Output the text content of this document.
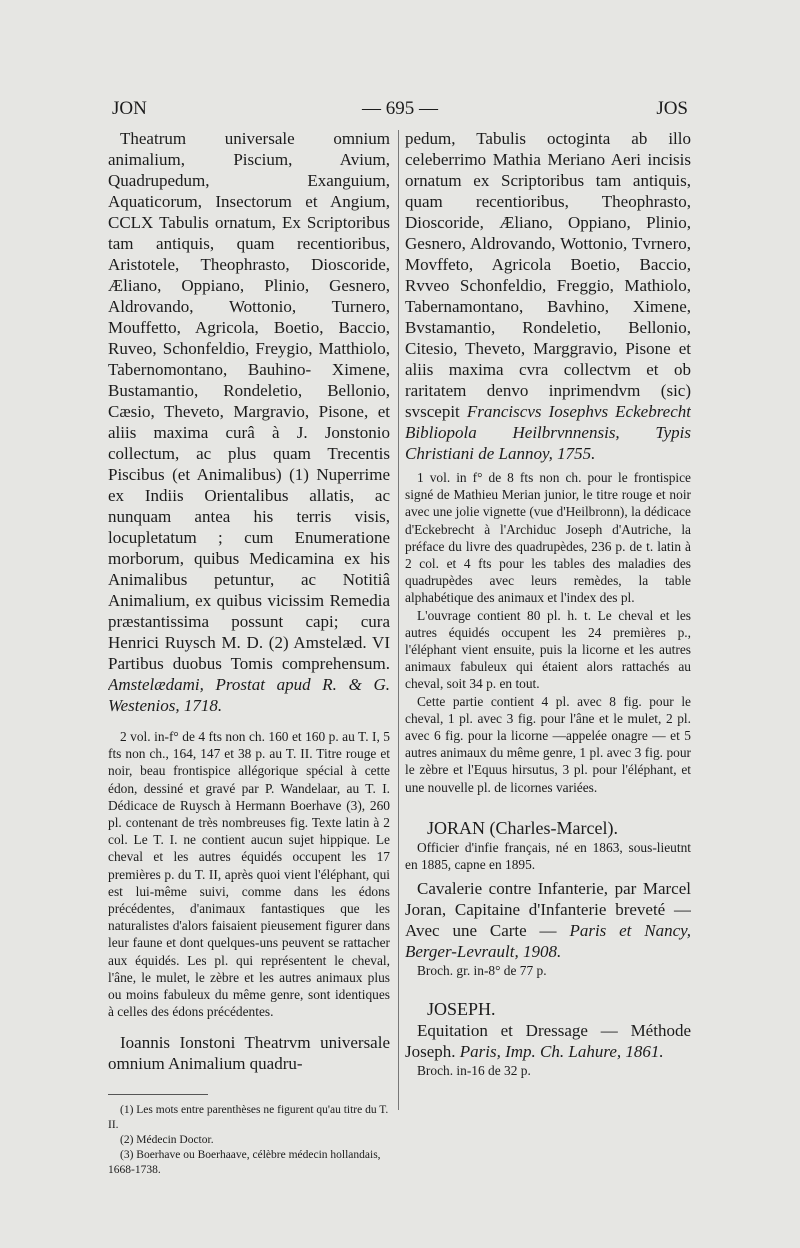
JON	— 695 —	JOS

Theatrum universale omnium animalium, Piscium, Avium, Quadrupedum, Exanguium, Aquaticorum, Insectorum et Angium, CCLX Tabulis ornatum, Ex Scriptoribus tam antiquis, quam recentioribus, Aristotele, Theophrasto, Dioscoride, Æliano, Oppiano, Plinio, Gesnero, Aldrovando, Wottonio, Turnero, Mouffetto, Agricola, Boetio, Baccio, Ruveo, Schonfeldio, Freygio, Matthiolo, Tabernomontano, Bauhino- Ximene, Bustamantio, Rondeletio, Bellonio, Cæsio, Theveto, Margravio, Pisone, et aliis maxima curâ à J. Jonstonio collectum, ac plus quam Trecentis Piscibus (et Animalibus) (1) Nuperrime ex Indiis Orientalibus allatis, ac nunquam antea his terris visis, locupletatum ; cum Enumeratione morborum, quibus Medicamina ex his Animalibus petuntur, ac Notitiâ Animalium, ex quibus vicissim Remedia præstantissima possunt capi; cura Henrici Ruysch M. D. (2) Amstelæd. VI Partibus duobus Tomis comprehensum. Amstelædami, Prostat apud R. & G. Westenios, 1718.

2 vol. in-f° de 4 fts non ch. 160 et 160 p. au T. I, 5 fts non ch., 164, 147 et 38 p. au T. II. Titre rouge et noir, beau frontispice allégorique spécial à cette édon, dessiné et gravé par P. Wandelaar, au T. I. Dédicace de Ruysch à Hermann Boerhave (3), 260 pl. contenant de très nombreuses fig. Texte latin à 2 col. Le T. I. ne contient aucun sujet hippique. Le cheval et les autres équidés occupent les 17 premières p. du T. II, après quoi vient l'éléphant, qui est lui-même suivi, comme dans les édons précédentes, d'animaux fantastiques que les naturalistes d'alors faisaient pieusement figurer dans leur faune et dont quelques-uns peuvent se rattacher aux équidés. Les pl. qui représentent le cheval, l'âne, le mulet, le zèbre et les autres animaux plus ou moins fabuleux du même genre, sont identiques à celles des édons précédentes.

Ioannis Ionstoni Theatrvm universale omnium Animalium quadru-

(1) Les mots entre parenthèses ne figurent qu'au titre du T. II.

(2) Médecin Doctor.

(3) Boerhave ou Boerhaave, célèbre médecin hollandais, 1668-1738.

pedum, Tabulis octoginta ab illo celeberrimo Mathia Meriano Aeri incisis ornatum ex Scriptoribus tam antiquis, quam recentioribus, Theophrasto, Dioscoride, Æliano, Oppiano, Plinio, Gesnero, Aldrovando, Wottonio, Tvrnero, Movffeto, Agricola Boetio, Baccio, Rvveo Schonfeldio, Freggio, Mathiolo, Tabernamontano, Bavhino, Ximene, Bvstamantio, Rondeletio, Bellonio, Citesio, Theveto, Marggravio, Pisone et aliis maxima cvra collectvm et ob raritatem denvo inprimendvm (sic) svscepit Franciscvs Iosephvs Eckebrecht Bibliopola Heilbrvnnensis, Typis Christiani de Lannoy, 1755.

1 vol. in f° de 8 fts non ch. pour le frontispice signé de Mathieu Merian junior, le titre rouge et noir avec une jolie vignette (vue d'Heilbronn), la dédicace d'Eckebrecht à l'Archiduc Joseph d'Autriche, la préface du livre des quadrupèdes, 236 p. de t. latin à 2 col. et 4 fts pour les tables des maladies des quadrupèdes avec leurs remèdes, la table alphabétique des animaux et l'index des pl.

L'ouvrage contient 80 pl. h. t. Le cheval et les autres équidés occupent les 24 premières p., l'éléphant vient ensuite, puis la licorne et les autres animaux fabuleux qui étaient alors rattachés au cheval, soit 34 p. en tout.

Cette partie contient 4 pl. avec 8 fig. pour le cheval, 1 pl. avec 3 fig. pour l'âne et le mulet, 2 pl. avec 6 fig. pour la licorne —appelée onagre — et 5 autres animaux du même genre, 1 pl. avec 3 fig. pour le zèbre et l'Equus hirsutus, 3 pl. pour l'éléphant, et une nouvelle pl. de licornes variées.

JORAN (Charles-Marcel).

Officier d'infie français, né en 1863, sous-lieutnt en 1885, capne en 1895.

Cavalerie contre Infanterie, par Marcel Joran, Capitaine d'Infanterie breveté — Avec une Carte — Paris et Nancy, Berger-Levrault, 1908.

Broch. gr. in-8° de 77 p.

JOSEPH.

Equitation et Dressage — Méthode Joseph. Paris, Imp. Ch. Lahure, 1861.

Broch. in-16 de 32 p.
